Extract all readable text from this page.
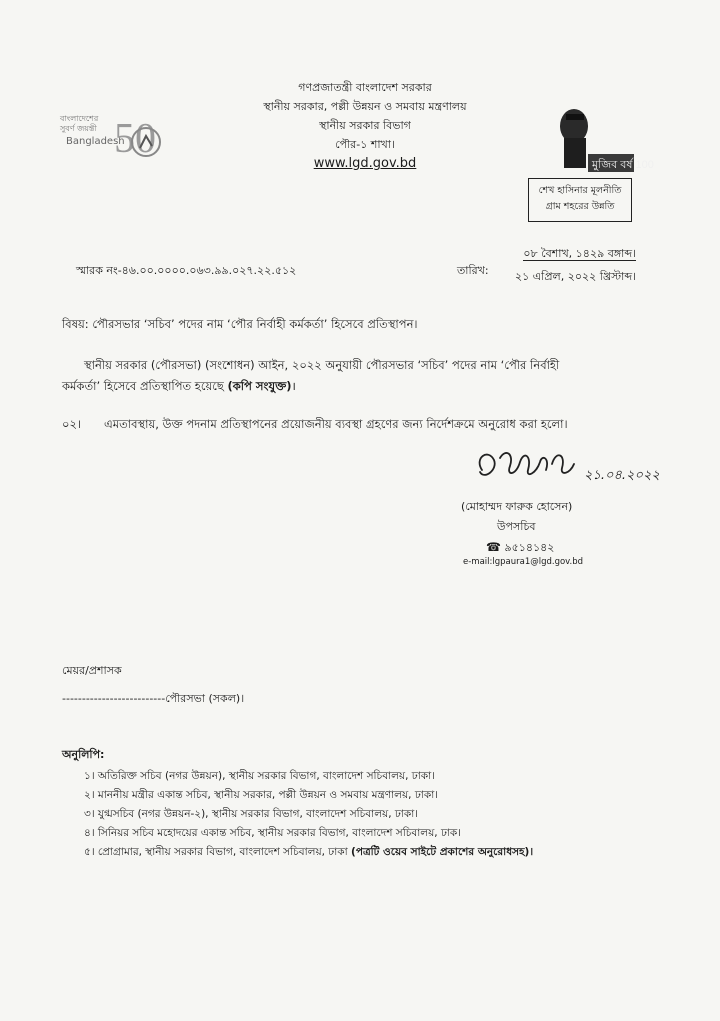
বাংলাদেশের
সুবর্ণ জয়ন্তী
Bangladesh
50
গণপ্রজাতন্ত্রী বাংলাদেশ সরকার
স্থানীয় সরকার, পল্লী উন্নয়ন ও সমবায় মন্ত্রণালয়
স্থানীয় সরকার বিভাগ
পৌর-১ শাখা।
www.lgd.gov.bd	মুজিব বর্ষ 100
শেখ হাসিনার মূলনীতি
গ্রাম শহরের উন্নতি
স্মারক নং-৪৬.০০.০০০০.০৬৩.৯৯.০২৭.২২.৫১২	তারিখ:
০৮ বৈশাখ, ১৪২৯ বঙ্গাব্দ।
২১ এপ্রিল, ২০২২ খ্রিস্টাব্দ।
বিষয়: পৌরসভার ‘সচিব’ পদের নাম ‘পৌর নির্বাহী কর্মকর্তা’ হিসেবে প্রতিস্থাপন।
স্থানীয় সরকার (পৌরসভা) (সংশোধন) আইন, ২০২২ অনুযায়ী পৌরসভার ‘সচিব’ পদের নাম ‘পৌর নির্বাহী
কর্মকর্তা’ হিসেবে প্রতিস্থাপিত হয়েছে (কপি সংযুক্ত)।
০২। এমতাবস্থায়, উক্ত পদনাম প্রতিস্থাপনের প্রয়োজনীয় ব্যবস্থা গ্রহণের জন্য নির্দেশক্রমে অনুরোধ করা হলো।
২১.০৪.২০২২
(মোহাম্মদ ফারুক হোসেন)
উপসচিব
☎ ৯৫১৪১৪২
e-mail:lgpaura1@lgd.gov.bd
মেয়র/প্রশাসক
--------------------------পৌরসভা (সকল)।
অনুলিপি:
১। অতিরিক্ত সচিব (নগর উন্নয়ন), স্থানীয় সরকার বিভাগ, বাংলাদেশ সচিবালয়, ঢাকা।
২। মাননীয় মন্ত্রীর একান্ত সচিব, স্থানীয় সরকার, পল্লী উন্নয়ন ও সমবায় মন্ত্রণালয়, ঢাকা।
৩। যুগ্মসচিব (নগর উন্নয়ন-২), স্থানীয় সরকার বিভাগ, বাংলাদেশ সচিবালয়, ঢাকা।
৪। সিনিয়র সচিব মহোদয়ের একান্ত সচিব, স্থানীয় সরকার বিভাগ, বাংলাদেশ সচিবালয়, ঢাক।
৫। প্রোগ্রামার, স্থানীয় সরকার বিভাগ, বাংলাদেশ সচিবালয়, ঢাকা (পত্রটি ওয়েব সাইটে প্রকাশের অনুরোধসহ)।
